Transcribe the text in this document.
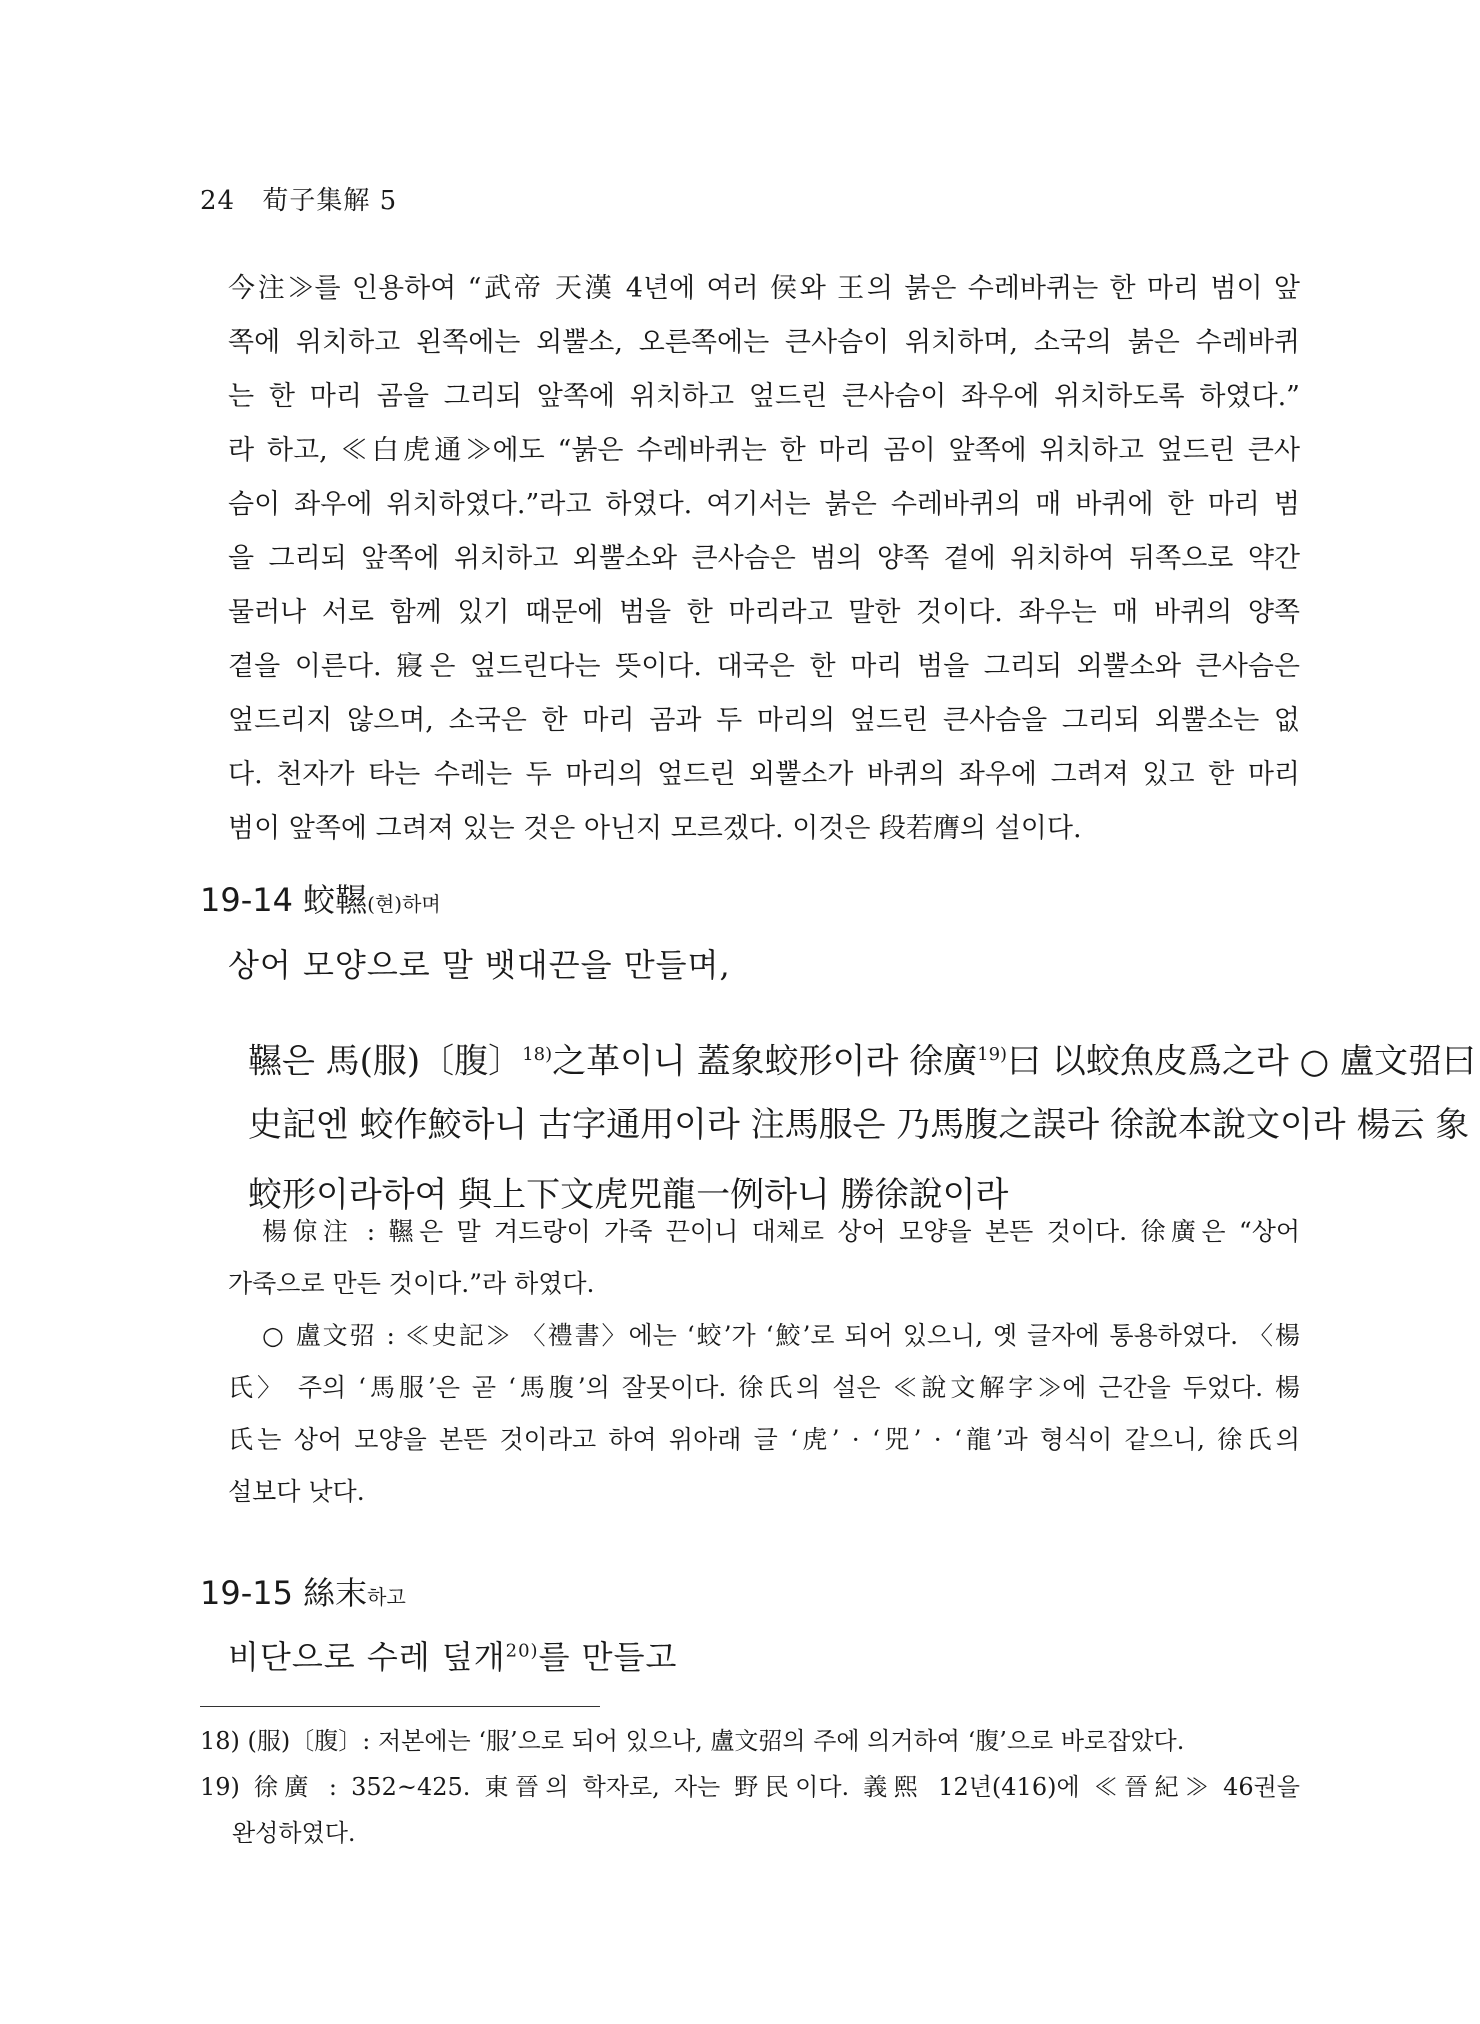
24 荀子集解 5

今注≫를 인용하여 “武帝 天漢 4년에 여러 侯와 王의 붉은 수레바퀴는 한 마리 범이 앞

쪽에 위치하고 왼쪽에는 외뿔소, 오른쪽에는 큰사슴이 위치하며, 소국의 붉은 수레바퀴

는 한 마리 곰을 그리되 앞쪽에 위치하고 엎드린 큰사슴이 좌우에 위치하도록 하였다.”

라 하고, ≪白虎通≫에도 “붉은 수레바퀴는 한 마리 곰이 앞쪽에 위치하고 엎드린 큰사

슴이 좌우에 위치하였다.”라고 하였다. 여기서는 붉은 수레바퀴의 매 바퀴에 한 마리 범

을 그리되 앞쪽에 위치하고 외뿔소와 큰사슴은 범의 양쪽 곁에 위치하여 뒤쪽으로 약간

물러나 서로 함께 있기 때문에 범을 한 마리라고 말한 것이다. 좌우는 매 바퀴의 양쪽

곁을 이른다. 寢은 엎드린다는 뜻이다. 대국은 한 마리 범을 그리되 외뿔소와 큰사슴은

엎드리지 않으며, 소국은 한 마리 곰과 두 마리의 엎드린 큰사슴을 그리되 외뿔소는 없

다. 천자가 타는 수레는 두 마리의 엎드린 외뿔소가 바퀴의 좌우에 그려져 있고 한 마리

범이 앞쪽에 그려져 있는 것은 아닌지 모르겠다. 이것은 段若膺의 설이다.

19-14 蛟韅(현)하며
상어 모양으로 말 뱃대끈을 만들며,

韅은 馬(服)〔腹〕$^{18)}$之革이니 蓋象蛟形이라 徐廣$^{19)}$曰 以蛟魚皮爲之라 ○ 盧文弨曰

史記엔 蛟作鮫하니 古字通用이라 注馬服은 乃馬腹之誤라 徐說本說文이라 楊云 象

蛟形이라하여 與上下文虎兕龍一例하니 勝徐說이라

楊倞注 : 韅은 말 겨드랑이 가죽 끈이니 대체로 상어 모양을 본뜬 것이다. 徐廣은 “상어

가죽으로 만든 것이다.”라 하였다.

○ 盧文弨 : ≪史記≫ 〈禮書〉에는 ‘蛟’가 ‘鮫’로 되어 있으니, 옛 글자에 통용하였다. 〈楊

氏〉 주의 ‘馬服’은 곧 ‘馬腹’의 잘못이다. 徐氏의 설은 ≪說文解字≫에 근간을 두었다. 楊

氏는 상어 모양을 본뜬 것이라고 하여 위아래 글 ‘虎’ · ‘兕’ · ‘龍’과 형식이 같으니, 徐氏의

설보다 낫다.

19-15 絲末하고
비단으로 수레 덮개$^{20)}$를 만들고

18) (服)〔腹〕: 저본에는 ‘服’으로 되어 있으나, 盧文弨의 주에 의거하여 ‘腹’으로 바로잡았다.

19) 徐廣 : 352~425. 東晉의 학자로, 자는 野民이다. 義熙 12년(416)에 ≪晉紀≫ 46권을

완성하였다.
